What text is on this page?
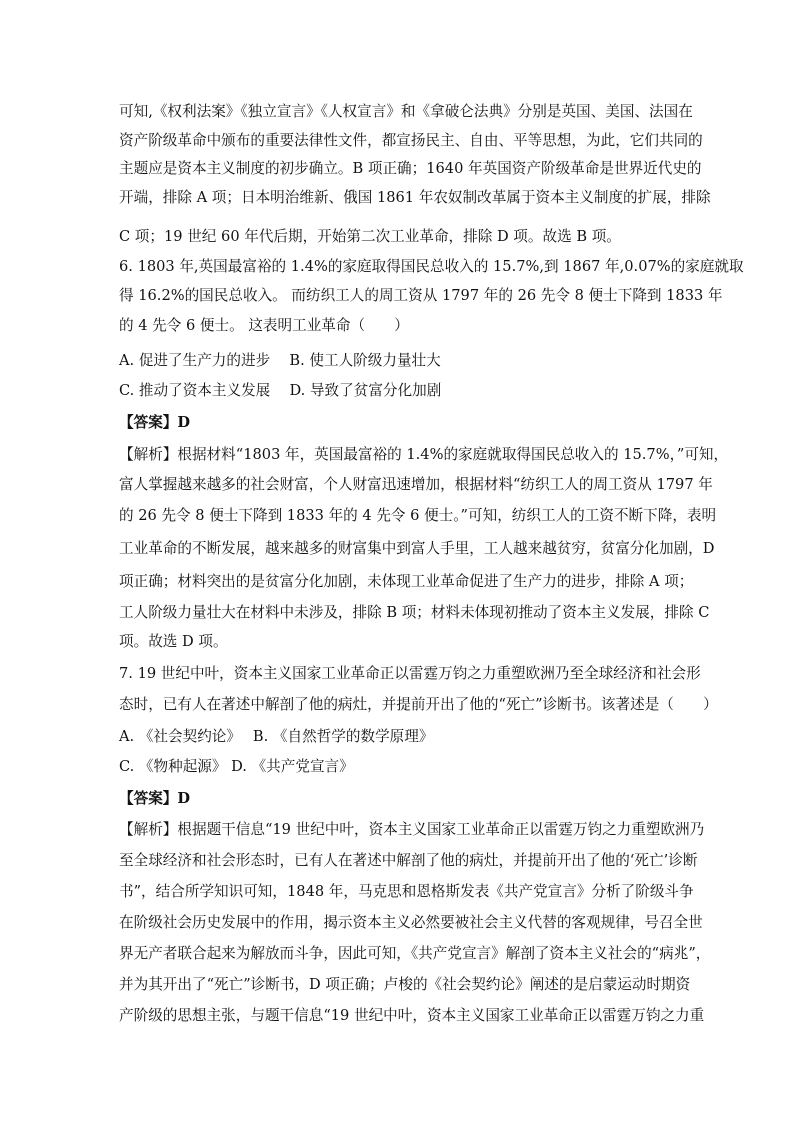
可知,《权利法案》《独立宣言》《人权宣言》和《拿破仑法典》分别是英国、美国、法国在
资产阶级革命中颁布的重要法律性文件，都宣扬民主、自由、平等思想，为此，它们共同的
主题应是资本主义制度的初步确立。B 项正确；1640 年英国资产阶级革命是世界近代史的
开端，排除 A 项；日本明治维新、俄国 1861 年农奴制改革属于资本主义制度的扩展，排除
C 项；19 世纪 60 年代后期，开始第二次工业革命，排除 D 项。故选 B 项。
6. 1803 年,英国最富裕的 1.4%的家庭取得国民总收入的 15.7%,到 1867 年,0.07%的家庭就取
得 16.2%的国民总收入。 而纺织工人的周工资从 1797 年的 26 先令 8 便士下降到 1833 年
的 4 先令 6 便士。 这表明工业革命（　　）
A. 促进了生产力的进步　 B. 使工人阶级力量壮大
C. 推动了资本主义发展　 D. 导致了贫富分化加剧
【答案】D
【解析】根据材料“1803 年，英国最富裕的 1.4%的家庭就取得国民总收入的 15.7%，”可知，
富人掌握越来越多的社会财富，个人财富迅速增加，根据材料“纺织工人的周工资从 1797 年
的 26 先令 8 便士下降到 1833 年的 4 先令 6 便士。”可知，纺织工人的工资不断下降，表明
工业革命的不断发展，越来越多的财富集中到富人手里，工人越来越贫穷，贫富分化加剧，D
项正确；材料突出的是贫富分化加剧，未体现工业革命促进了生产力的进步，排除 A 项；
工人阶级力量壮大在材料中未涉及，排除 B 项；材料未体现初推动了资本主义发展，排除 C
项。故选 D 项。
7. 19 世纪中叶，资本主义国家工业革命正以雷霆万钧之力重塑欧洲乃至全球经济和社会形
态时，已有人在著述中解剖了他的病灶，并提前开出了他的“死亡”诊断书。该著述是（　　）
A. 《社会契约论》　 B. 《自然哲学的数学原理》
C. 《物种起源》 D. 《共产党宣言》
【答案】D
【解析】根据题干信息“19 世纪中叶，资本主义国家工业革命正以雷霆万钧之力重塑欧洲乃
至全球经济和社会形态时，已有人在著述中解剖了他的病灶，并提前开出了他的‘死亡’诊断
书”，结合所学知识可知，1848 年，马克思和恩格斯发表《共产党宣言》分析了阶级斗争
在阶级社会历史发展中的作用，揭示资本主义必然要被社会主义代替的客观规律，号召全世
界无产者联合起来为解放而斗争，因此可知，《共产党宣言》解剖了资本主义社会的“病兆”，
并为其开出了“死亡”诊断书，D 项正确；卢梭的《社会契约论》阐述的是启蒙运动时期资
产阶级的思想主张，与题干信息“19 世纪中叶，资本主义国家工业革命正以雷霆万钧之力重
